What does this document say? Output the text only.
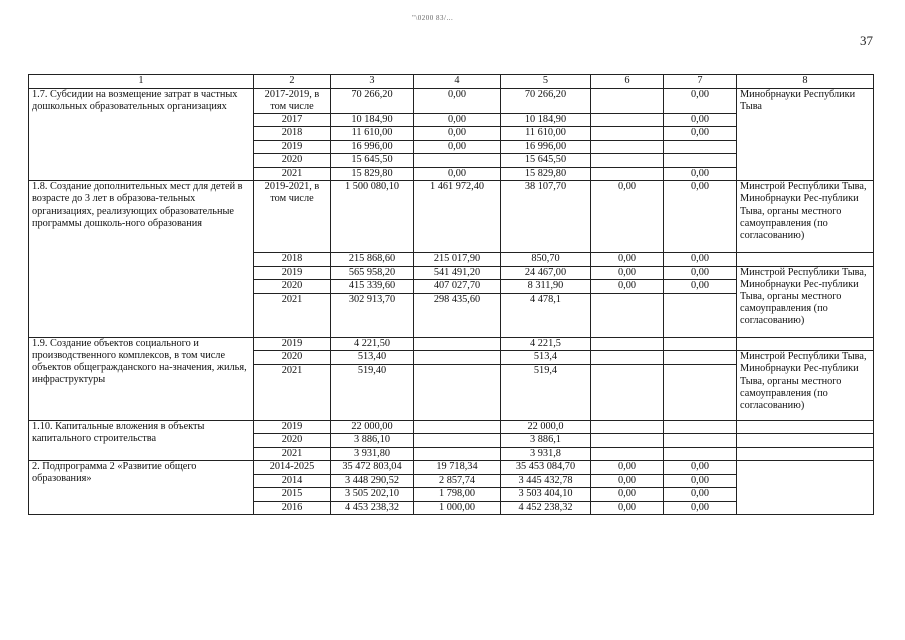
"\0200 83/...
37
1	2	3	4	5	6	7	8
1.7. Субсидии на возмещение затрат в частных дошкольных образовательных организациях	2017-2019, в том числе	70 266,20	0,00	70 266,20		0,00	Минобрнауки Республики Тыва
	2017	10 184,90	0,00	10 184,90		0,00	
	2018	11 610,00	0,00	11 610,00		0,00	
	2019	16 996,00	0,00	16 996,00			
	2020	15 645,50		15 645,50			
	2021	15 829,80	0,00	15 829,80		0,00	
1.8. Создание дополнительных мест для детей в возрасте до 3 лет в образова-тельных организациях, реализующих образовательные программы дошколь-ного образования	2019-2021, в том числе	1 500 080,10	1 461 972,40	38 107,70	0,00	0,00	Минстрой Республики Тыва, Минобрнауки Рес-публики Тыва, органы местного самоуправления (по согласованию)
	2018	215 868,60	215 017,90	850,70	0,00	0,00	
	2019	565 958,20	541 491,20	24 467,00	0,00	0,00	Минстрой Республики Тыва, Минобрнауки Рес-публики Тыва, органы местного самоуправления (по согласованию)
	2020	415 339,60	407 027,70	8 311,90	0,00	0,00	
	2021	302 913,70	298 435,60	4 478,1			
1.9. Создание объектов социального и производственного комплексов, в том числе объектов общегражданского на-значения, жилья, инфраструктуры	2019	4 221,50		4 221,5			
	2020	513,40		513,4			Минстрой Республики Тыва, Минобрнауки Рес-публики Тыва, органы местного самоуправления (по согласованию)
	2021	519,40		519,4			
1.10. Капитальные вложения в объекты капитального строительства	2019	22 000,00		22 000,0			
	2020	3 886,10		3 886,1			
	2021	3 931,80		3 931,8			
2. Подпрограмма 2 «Развитие общего образования»	2014-2025	35 472 803,04	19 718,34	35 453 084,70	0,00	0,00	
	2014	3 448 290,52	2 857,74	3 445 432,78	0,00	0,00	
	2015	3 505 202,10	1 798,00	3 503 404,10	0,00	0,00	
	2016	4 453 238,32	1 000,00	4 452 238,32	0,00	0,00	
